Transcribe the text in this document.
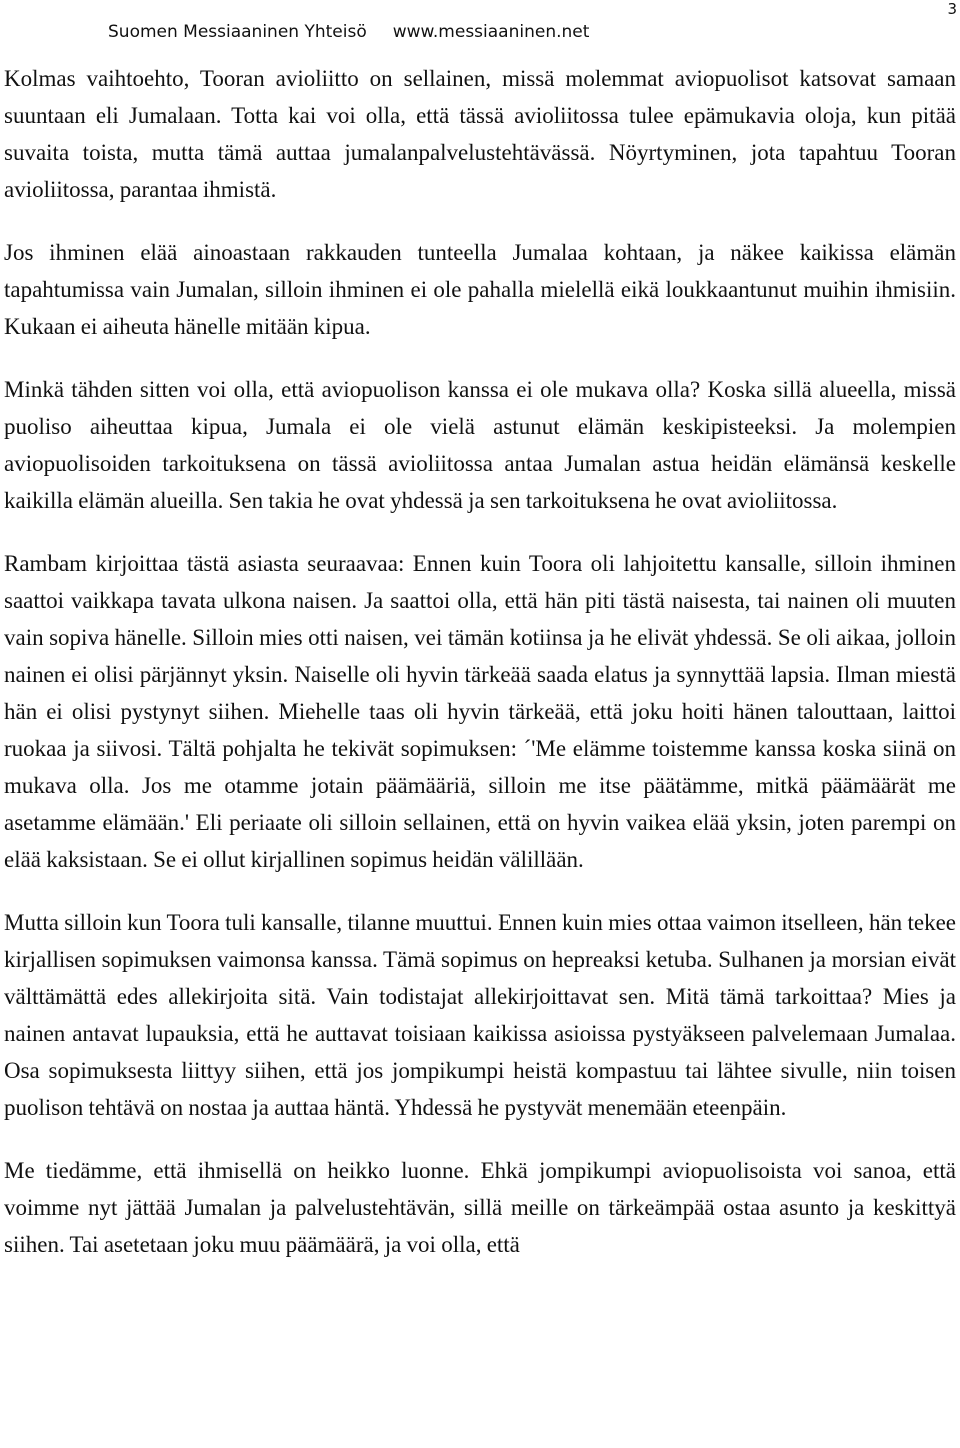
Suomen Messiaaninen Yhteisö www.messiaaninen.net
3

Kolmas vaihtoehto, Tooran avioliitto on sellainen, missä molemmat aviopuolisot katsovat samaan suuntaan eli Jumalaan. Totta kai voi olla, että tässä avioliitossa tulee epämukavia oloja, kun pitää suvaita toista, mutta tämä auttaa jumalanpalvelustehtävässä. Nöyrtyminen, jota tapahtuu Tooran avioliitossa, parantaa ihmistä.

Jos ihminen elää ainoastaan rakkauden tunteella Jumalaa kohtaan, ja näkee kaikissa elämän tapahtumissa vain Jumalan, silloin ihminen ei ole pahalla mielellä eikä loukkaantunut muihin ihmisiin. Kukaan ei aiheuta hänelle mitään kipua.

Minkä tähden sitten voi olla, että aviopuolison kanssa ei ole mukava olla? Koska sillä alueella, missä puoliso aiheuttaa kipua, Jumala ei ole vielä astunut elämän keskipisteeksi. Ja molempien aviopuolisoiden tarkoituksena on tässä avioliitossa antaa Jumalan astua heidän elämänsä keskelle kaikilla elämän alueilla. Sen takia he ovat yhdessä ja sen tarkoituksena he ovat avioliitossa.

Rambam kirjoittaa tästä asiasta seuraavaa: Ennen kuin Toora oli lahjoitettu kansalle, silloin ihminen saattoi vaikkapa tavata ulkona naisen. Ja saattoi olla, että hän piti tästä naisesta, tai nainen oli muuten vain sopiva hänelle. Silloin mies otti naisen, vei tämän kotiinsa ja he elivät yhdessä. Se oli aikaa, jolloin nainen ei olisi pärjännyt yksin. Naiselle oli hyvin tärkeää saada elatus ja synnyttää lapsia. Ilman miestä hän ei olisi pystynyt siihen. Miehelle taas oli hyvin tärkeää, että joku hoiti hänen talouttaan, laittoi ruokaa ja siivosi. Tältä pohjalta he tekivät sopimuksen: ´'Me elämme toistemme kanssa koska siinä on mukava olla. Jos me otamme jotain päämääriä, silloin me itse päätämme, mitkä päämäärät me asetamme elämään.' Eli periaate oli silloin sellainen, että on hyvin vaikea elää yksin, joten parempi on elää kaksistaan. Se ei ollut kirjallinen sopimus heidän välillään.

Mutta silloin kun Toora tuli kansalle, tilanne muuttui. Ennen kuin mies ottaa vaimon itselleen, hän tekee kirjallisen sopimuksen vaimonsa kanssa. Tämä sopimus on hepreaksi ketuba. Sulhanen ja morsian eivät välttämättä edes allekirjoita sitä. Vain todistajat allekirjoittavat sen. Mitä tämä tarkoittaa? Mies ja nainen antavat lupauksia, että he auttavat toisiaan kaikissa asioissa pystyäkseen palvelemaan Jumalaa. Osa sopimuksesta liittyy siihen, että jos jompikumpi heistä kompastuu tai lähtee sivulle, niin toisen puolison tehtävä on nostaa ja auttaa häntä. Yhdessä he pystyvät menemään eteenpäin.

Me tiedämme, että ihmisellä on heikko luonne. Ehkä jompikumpi aviopuolisoista voi sanoa, että voimme nyt jättää Jumalan ja palvelustehtävän, sillä meille on tärkeämpää ostaa asunto ja keskittyä siihen. Tai asetetaan joku muu päämäärä, ja voi olla, että
